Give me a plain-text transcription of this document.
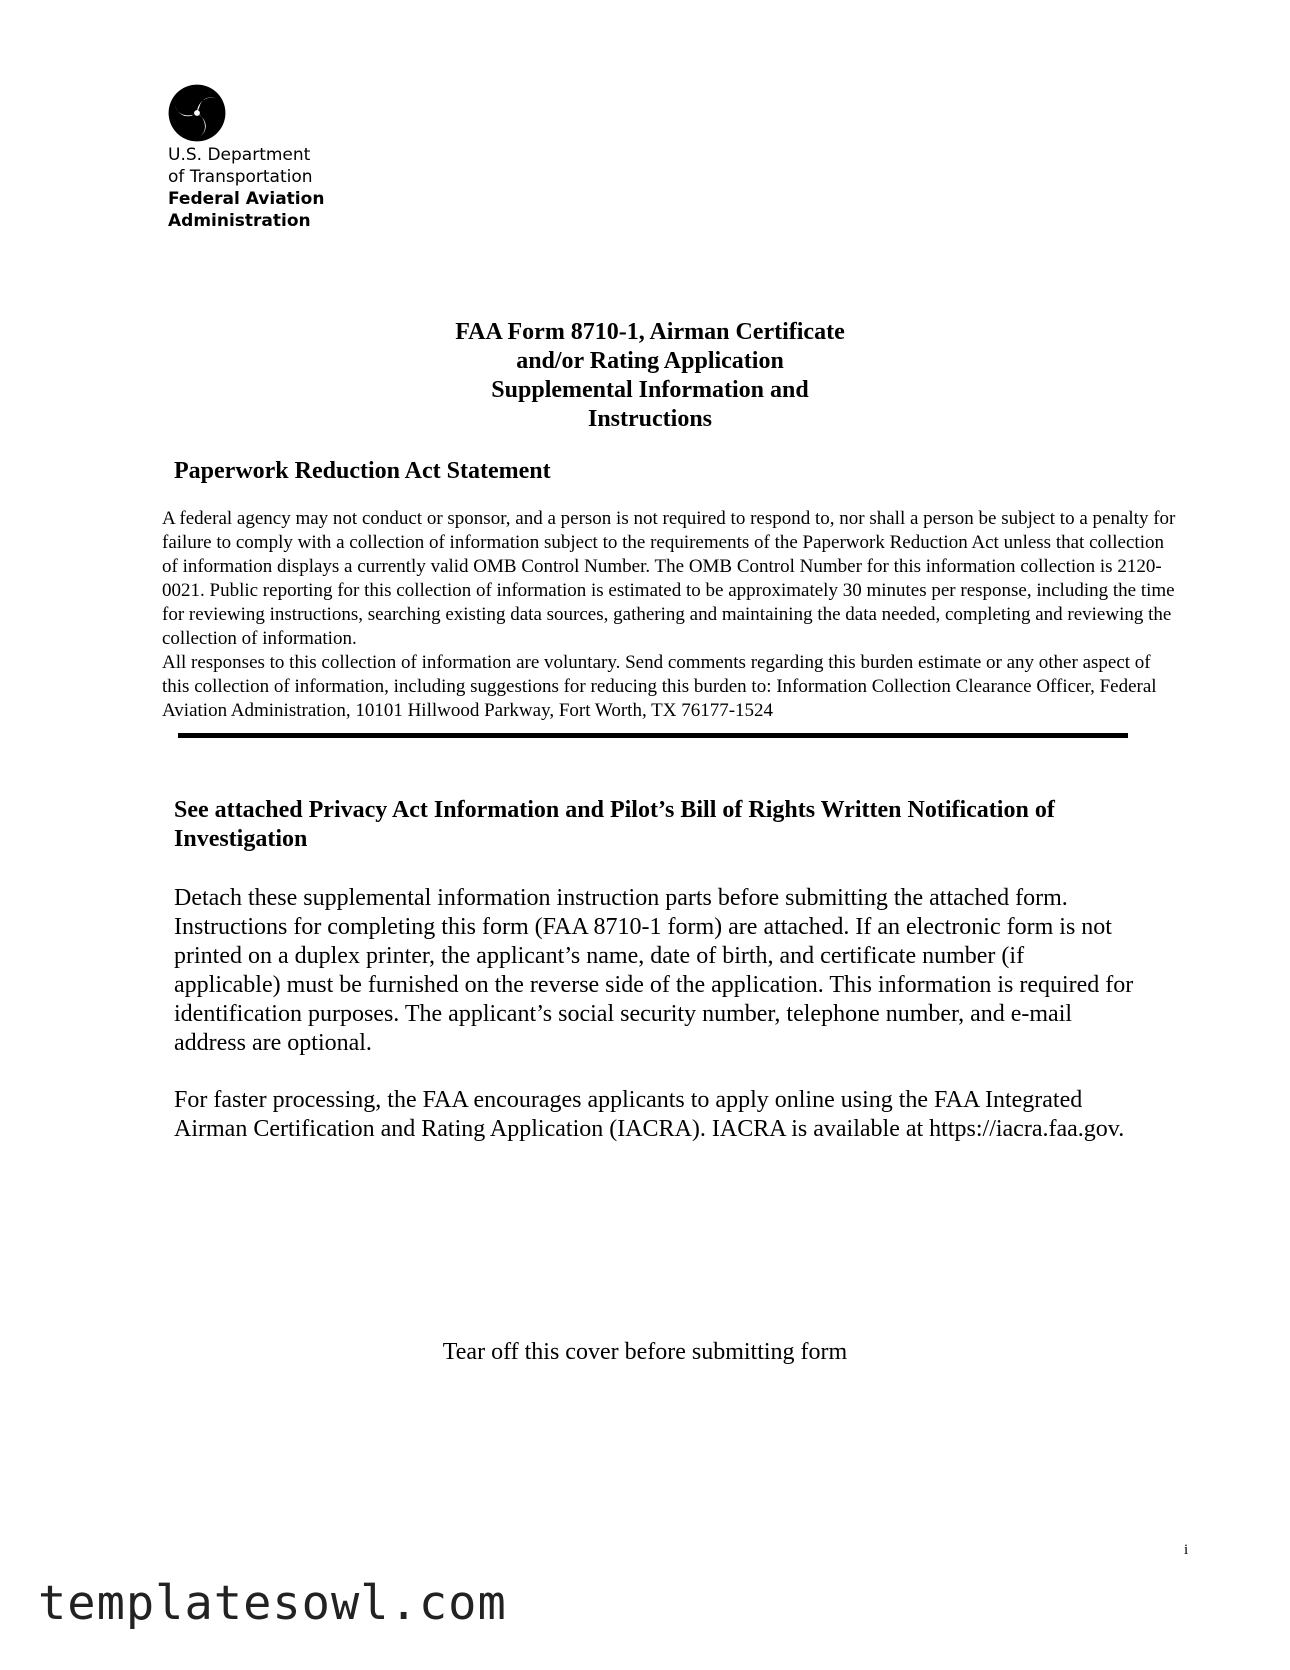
U.S. Department
of Transportation
Federal Aviation
Administration
FAA Form 8710-1, Airman Certificate
and/or Rating Application
Supplemental Information and
Instructions
Paperwork Reduction Act Statement

A federal agency may not conduct or sponsor, and a person is not required to respond to, nor shall a person be subject to a penalty for failure to comply with a collection of information subject to the requirements of the Paperwork Reduction Act unless that collection of information displays a currently valid OMB Control Number. The OMB Control Number for this information collection is 2120-0021. Public reporting for this collection of information is estimated to be approximately 30 minutes per response, including the time for reviewing instructions, searching existing data sources, gathering and maintaining the data needed, completing and reviewing the collection of information.

All responses to this collection of information are voluntary. Send comments regarding this burden estimate or any other aspect of this collection of information, including suggestions for reducing this burden to: Information Collection Clearance Officer, Federal Aviation Administration, 10101 Hillwood Parkway, Fort Worth, TX 76177-1524

See attached Privacy Act Information and Pilot’s Bill of Rights Written Notification of Investigation
Detach these supplemental information instruction parts before submitting the attached form. Instructions for completing this form (FAA 8710-1 form) are attached. If an electronic form is not printed on a duplex printer, the applicant’s name, date of birth, and certificate number (if applicable) must be furnished on the reverse side of the application. This information is required for identification purposes. The applicant’s social security number, telephone number, and e-mail address are optional.
For faster processing, the FAA encourages applicants to apply online using the FAA Integrated Airman Certification and Rating Application (IACRA). IACRA is available at https://iacra.faa.gov.
Tear off this cover before submitting form
i
templatesowl.com
